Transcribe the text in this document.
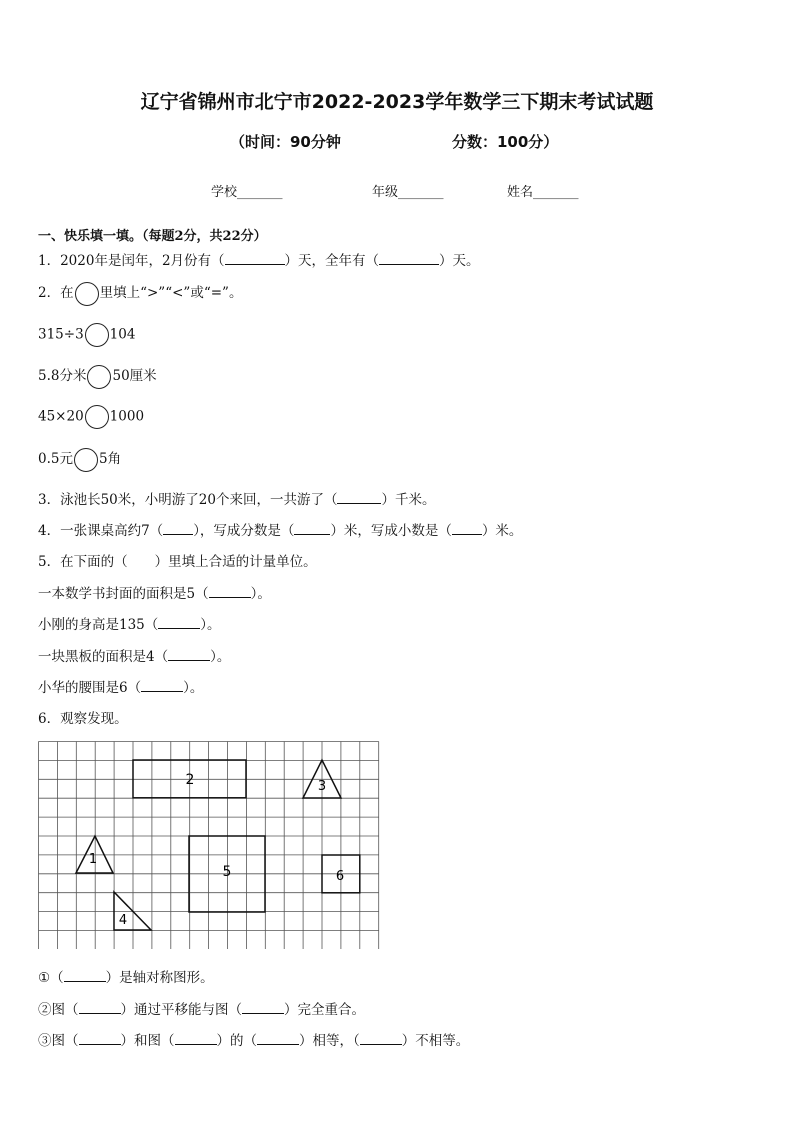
辽宁省锦州市北宁市2022-2023学年数学三下期末考试试题
（时间：90分钟	分数：100分）
学校_______	年级_______	姓名_______
一、快乐填一填。（每题2分，共22分）
1．2020年是闰年，2月份有（	）天，全年有（	）天。
2．在 里填上“>”“<”或“=”。
315÷3 104
5.8分米 50厘米
45×20 1000
0.5元 5角
3．泳池长50米，小明游了20个来回，一共游了（	）千米。
4．一张课桌高约7（ ），写成分数是（	）米，写成小数是（ ）米。
5．在下面的（　　）里填上合适的计量单位。
一本数学书封面的面积是5（	）。
小刚的身高是135（	）。
一块黑板的面积是4（	）。
小华的腰围是6（	）。
6．观察发现。
2	3
1
5	6
4
①（	）是轴对称图形。
②图（	）通过平移能与图（	）完全重合。
③图（	）和图（	）的（	）相等，（	）不相等。
